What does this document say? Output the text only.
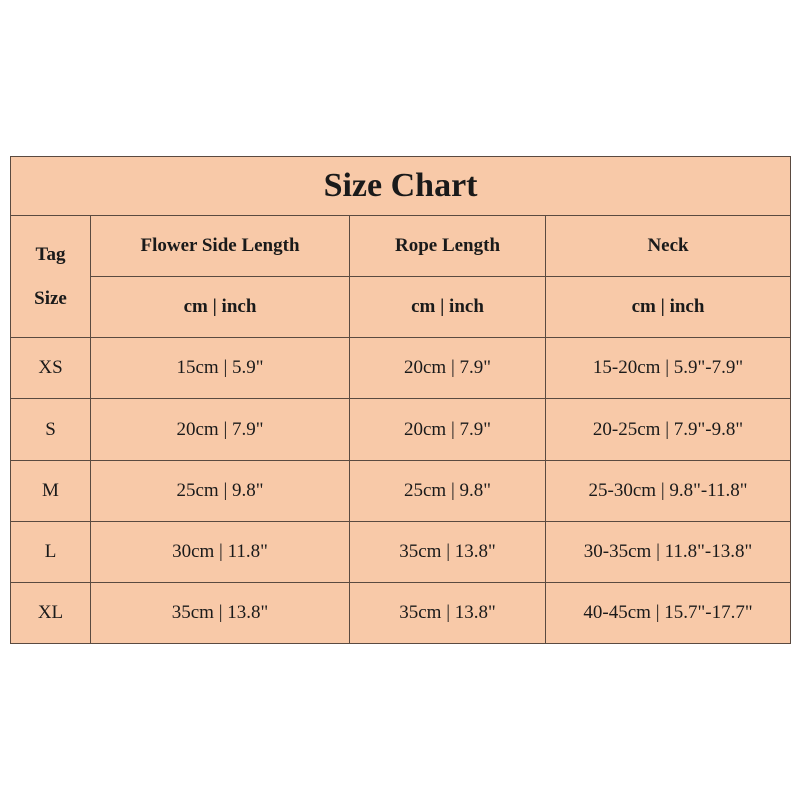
Size Chart			

Tag
Size	Flower Side Length	Rope Length	Neck
	cm | inch	cm | inch	cm | inch
XS	15cm | 5.9"	20cm | 7.9"	15-20cm | 5.9"-7.9"
S	20cm | 7.9"	20cm | 7.9"	20-25cm | 7.9"-9.8"
M	25cm | 9.8"	25cm | 9.8"	25-30cm | 9.8"-11.8"
L	30cm | 11.8"	35cm | 13.8"	30-35cm | 11.8"-13.8"
XL	35cm | 13.8"	35cm | 13.8"	40-45cm | 15.7"-17.7"
